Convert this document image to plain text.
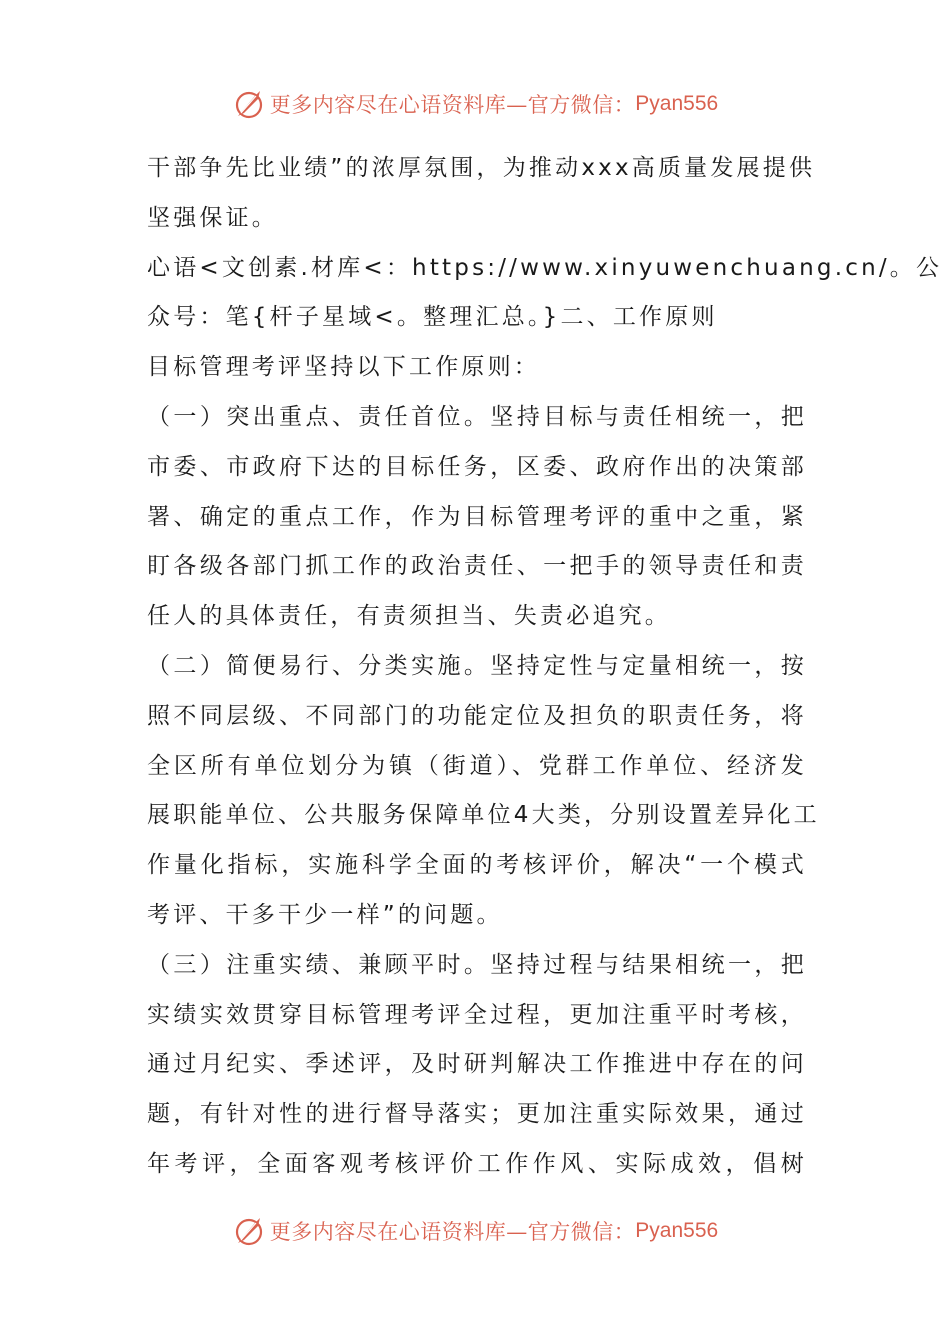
更多内容尽在心语资料库—官方微信： Pyan556
干部争先比业绩”的浓厚氛围，为推动xxx高质量发展提供
坚强保证。
心语<文创素.材库<：https://www.xinyuwenchuang.cn/。公
众号：笔{杆子星域<。整理汇总。}二、工作原则
目标管理考评坚持以下工作原则：
（一）突出重点、责任首位。坚持目标与责任相统一，把
市委、市政府下达的目标任务，区委、政府作出的决策部
署、确定的重点工作，作为目标管理考评的重中之重，紧
盯各级各部门抓工作的政治责任、一把手的领导责任和责
任人的具体责任，有责须担当、失责必追究。
（二）简便易行、分类实施。坚持定性与定量相统一，按
照不同层级、不同部门的功能定位及担负的职责任务，将
全区所有单位划分为镇（街道）、党群工作单位、经济发
展职能单位、公共服务保障单位4大类，分别设置差异化工
作量化指标，实施科学全面的考核评价，解决“一个模式
考评、干多干少一样”的问题。
（三）注重实绩、兼顾平时。坚持过程与结果相统一，把
实绩实效贯穿目标管理考评全过程，更加注重平时考核，
通过月纪实、季述评，及时研判解决工作推进中存在的问
题，有针对性的进行督导落实；更加注重实际效果，通过
年考评，全面客观考核评价工作作风、实际成效，倡树
更多内容尽在心语资料库—官方微信： Pyan556
